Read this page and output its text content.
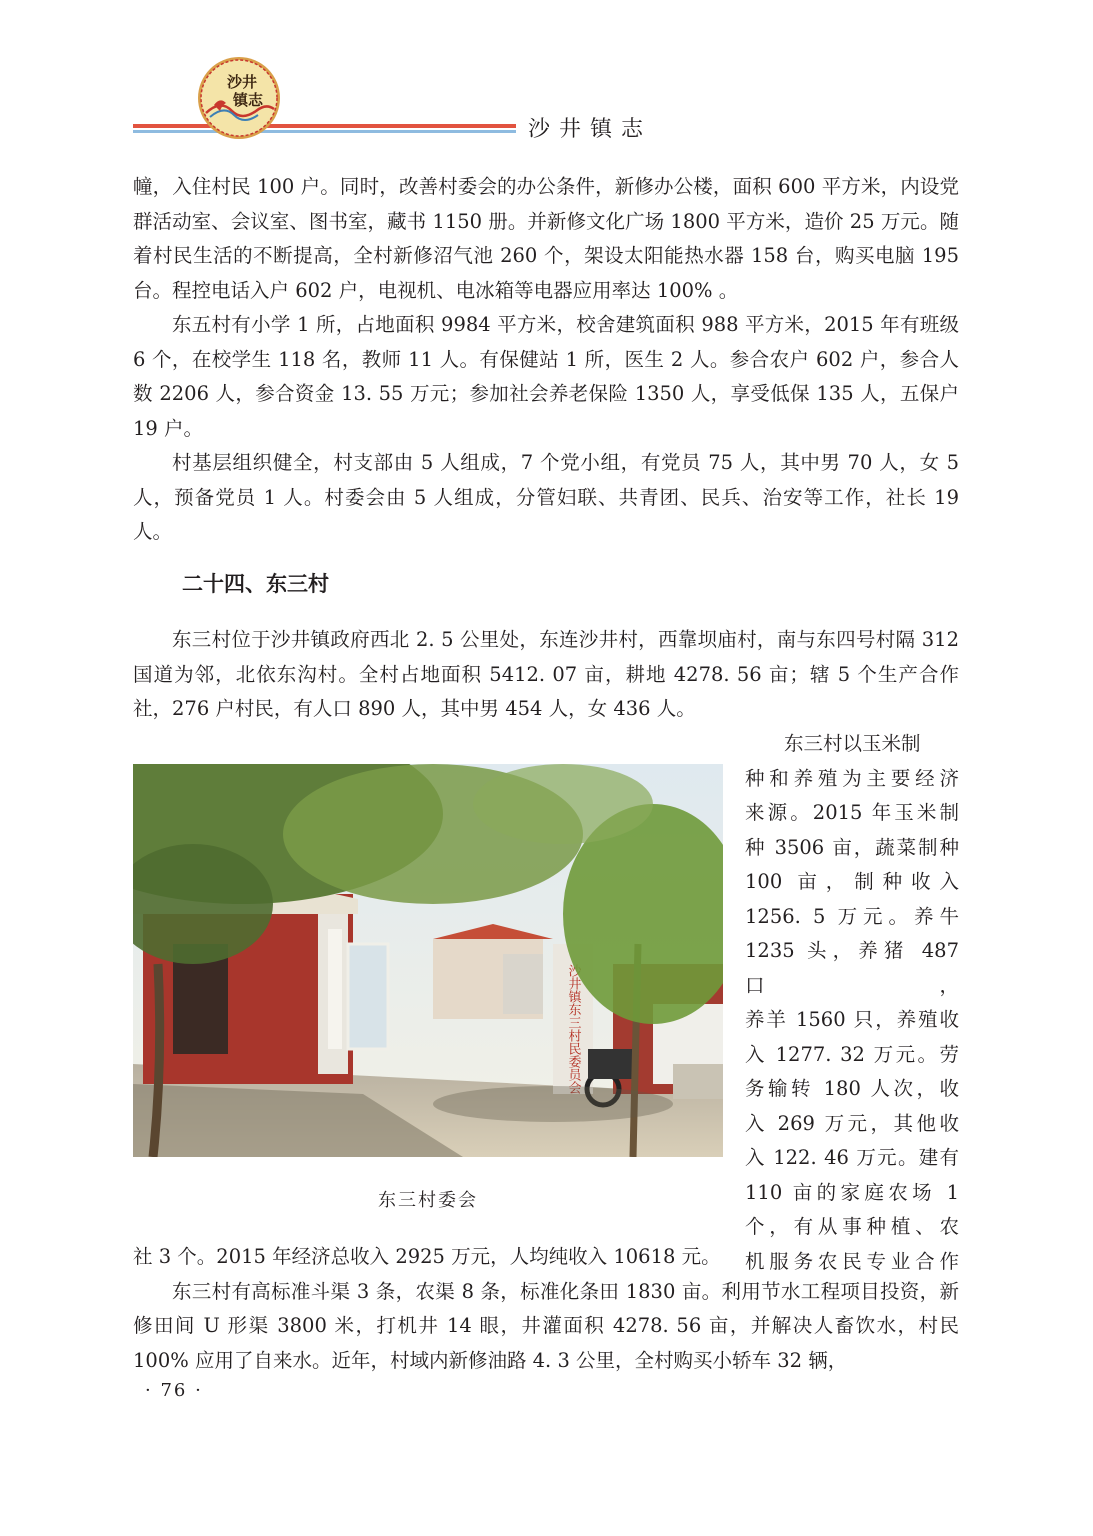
沙井
镇志
沙井镇志

幢，入住村民 100 户。同时，改善村委会的办公条件，新修办公楼，面积 600 平方米，内设党群活动室、会议室、图书室，藏书 1150 册。并新修文化广场 1800 平方米，造价 25 万元。随着村民生活的不断提高，全村新修沼气池 260 个，架设太阳能热水器 158 台，购买电脑 195 台。程控电话入户 602 户，电视机、电冰箱等电器应用率达 100% 。

东五村有小学 1 所，占地面积 9984 平方米，校舍建筑面积 988 平方米，2015 年有班级 6 个，在校学生 118 名，教师 11 人。有保健站 1 所，医生 2 人。参合农户 602 户，参合人数 2206 人，参合资金 13. 55 万元；参加社会养老保险 1350 人，享受低保 135 人，五保户 19 户。

村基层组织健全，村支部由 5 人组成，7 个党小组，有党员 75 人，其中男 70 人，女 5 人，预备党员 1 人。村委会由 5 人组成，分管妇联、共青团、民兵、治安等工作，社长 19 人。

二十四、东三村

东三村位于沙井镇政府西北 2. 5 公里处，东连沙井村，西靠坝庙村，南与东四号村隔 312 国道为邻，北依东沟村。全村占地面积 5412. 07 亩，耕地 4278. 56 亩；辖 5 个生产合作社，276 户村民，有人口 890 人，其中男 454 人，女 436 人。

东三村以玉米制

种和养殖为主要经济

来源。2015 年玉米制

种 3506 亩，蔬菜制种

100 亩，制种收入

1256. 5 万元。养牛

1235 头，养猪 487 口，

养羊 1560 只，养殖收

入 1277. 32 万元。劳

务输转 180 人次，收

入 269 万元，其他收

入 122. 46 万元。建有

110 亩的家庭农场 1

个，有从事种植、农

机服务农民专业合作

沙井镇东三村民委员会
东三村委会

社 3 个。2015 年经济总收入 2925 万元，人均纯收入 10618 元。

东三村有高标准斗渠 3 条，农渠 8 条，标准化条田 1830 亩。利用节水工程项目投资，新修田间 U 形渠 3800 米，打机井 14 眼，井灌面积 4278. 56 亩，并解决人畜饮水，村民 100% 应用了自来水。近年，村域内新修油路 4. 3 公里，全村购买小轿车 32 辆，

· 76 ·
